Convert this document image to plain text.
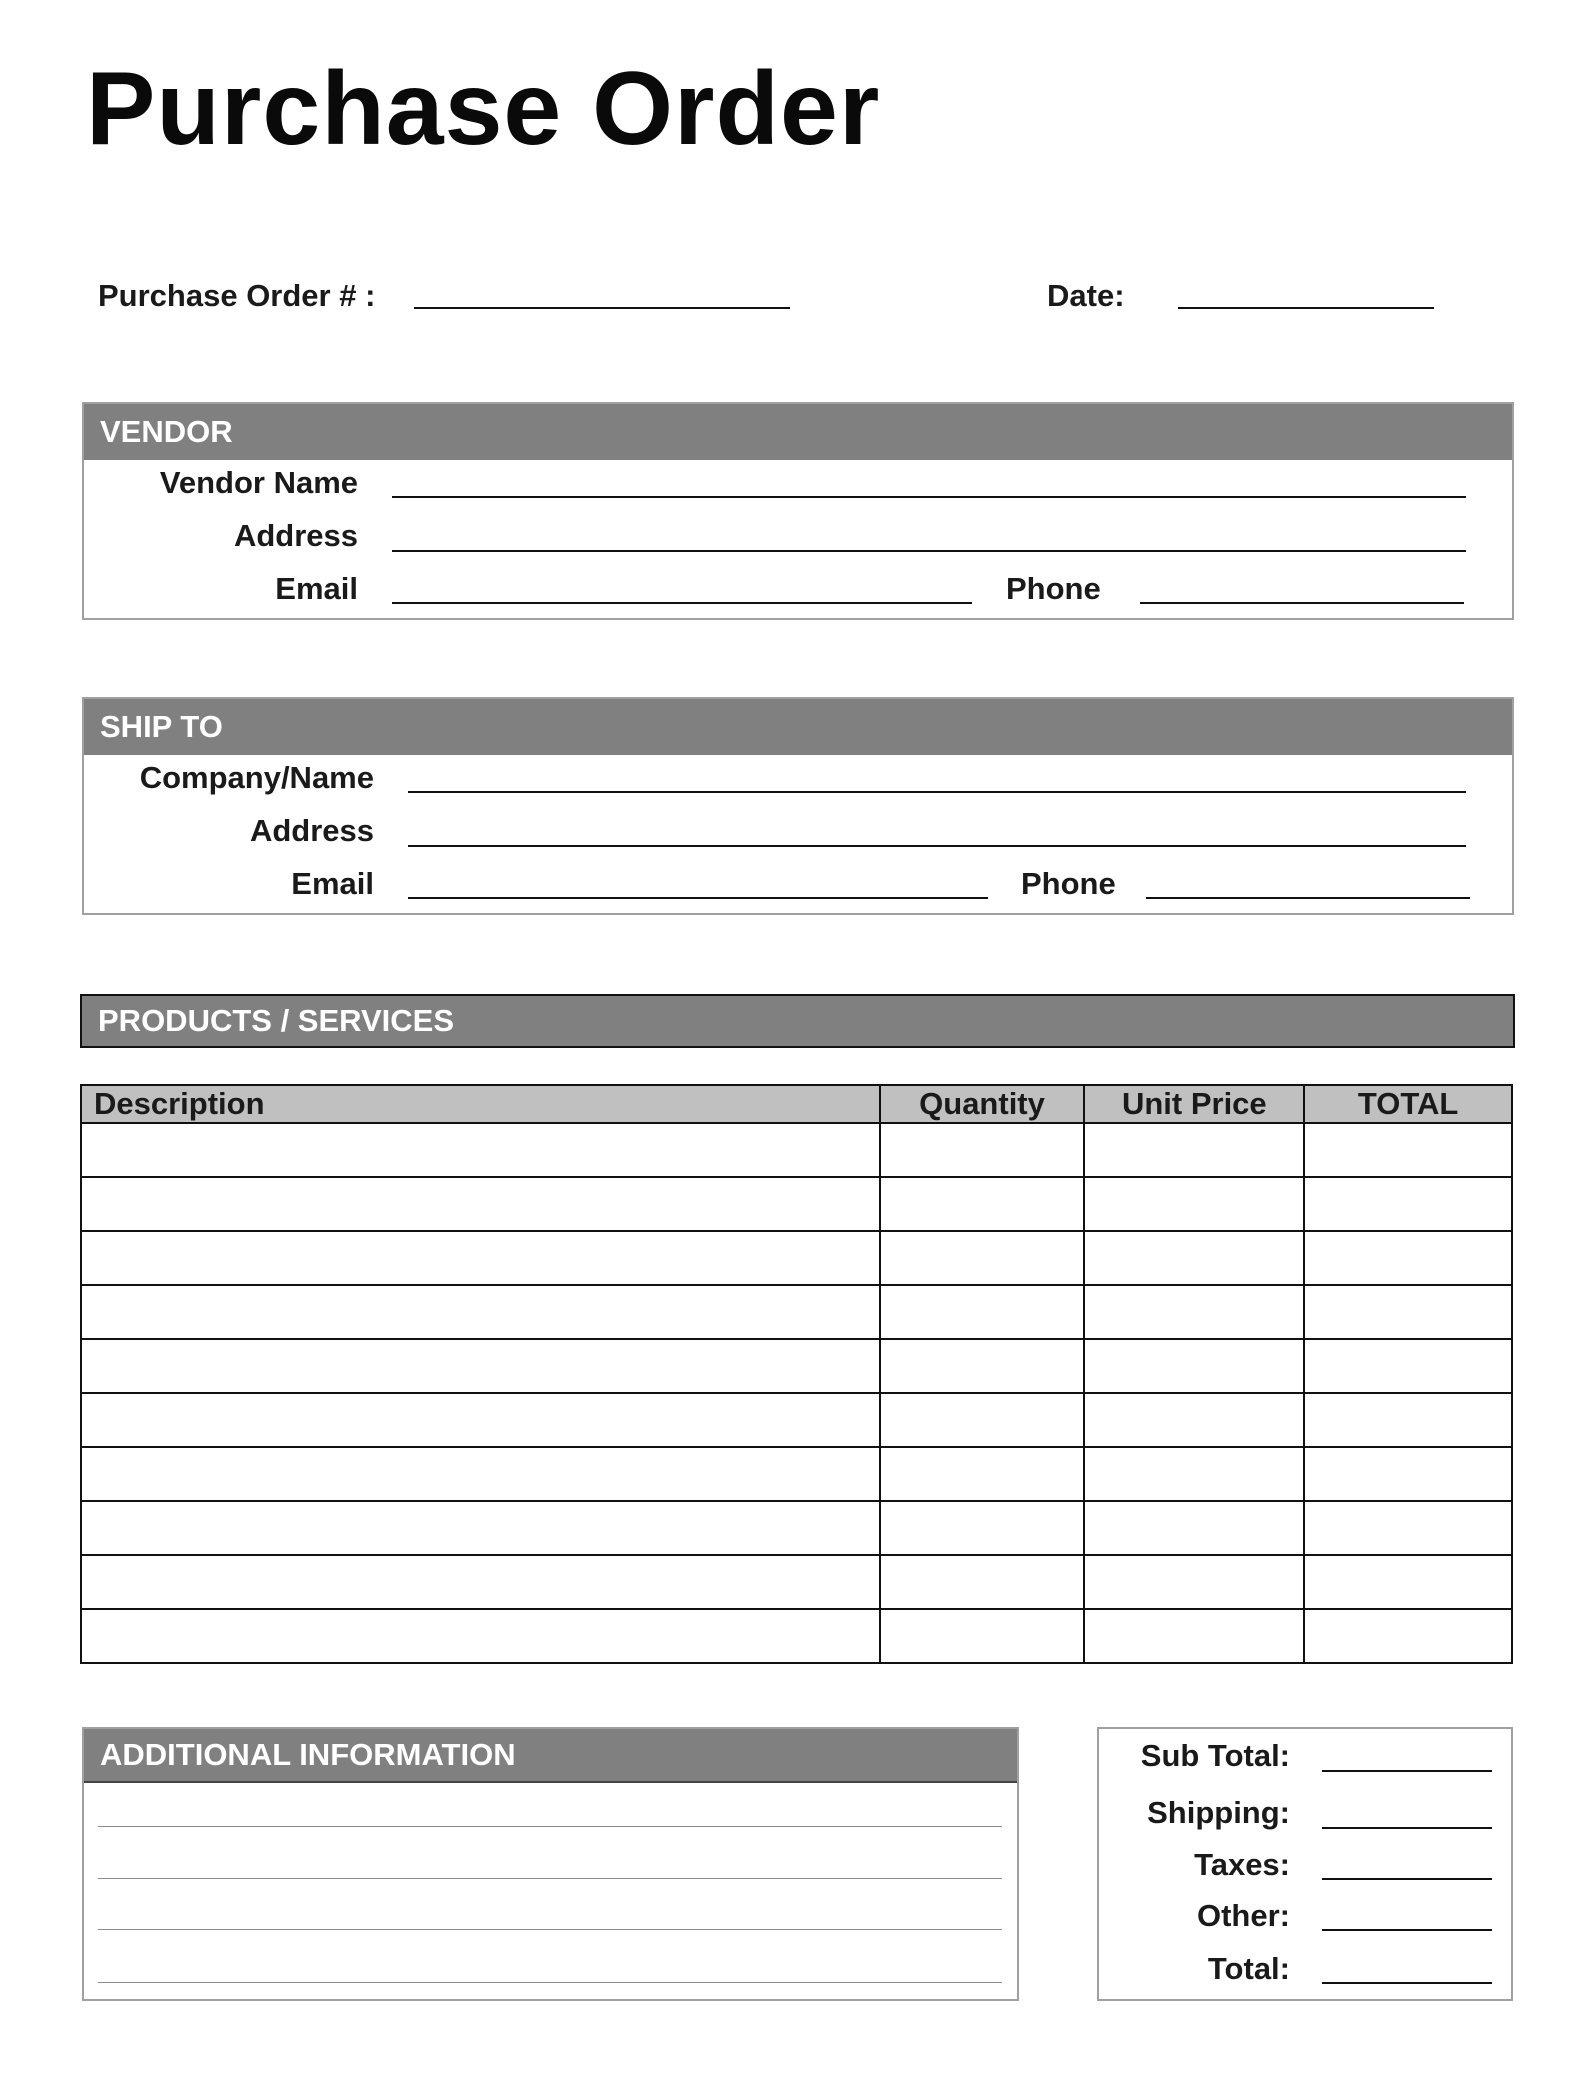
Purchase Order
Purchase Order # :	Date:
VENDOR
Vendor Name
Address
Email	Phone
SHIP TO
Company/Name
Address
Email	Phone
PRODUCTS / SERVICES
Description	Quantity	Unit Price	TOTAL

ADDITIONAL INFORMATION	Sub Total:
Shipping:
Taxes:
Other:
Total:
